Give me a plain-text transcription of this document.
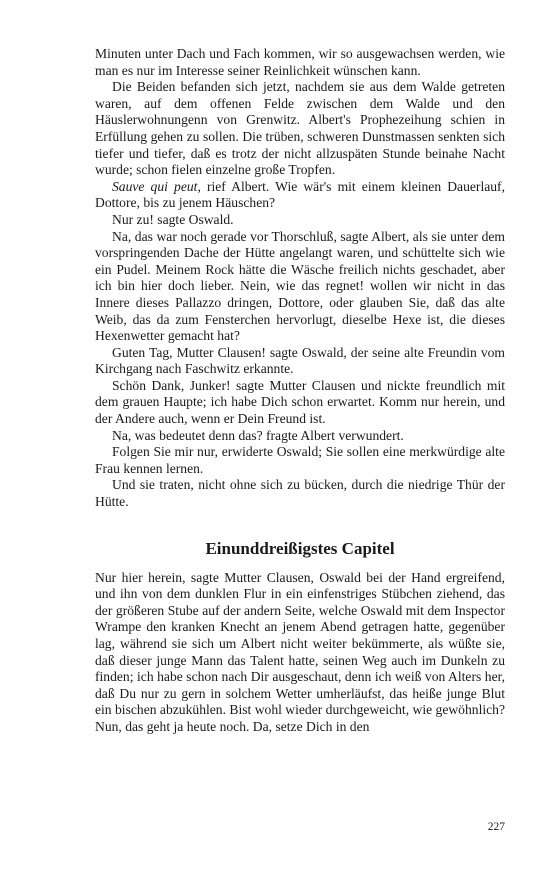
Minuten unter Dach und Fach kommen, wir so ausgewachsen werden, wie man es nur im Interesse seiner Reinlichkeit wünschen kann.

Die Beiden befanden sich jetzt, nachdem sie aus dem Walde getreten waren, auf dem offenen Felde zwischen dem Walde und den Häuslerwohnungenn von Grenwitz. Albert's Prophezeihung schien in Erfüllung gehen zu sollen. Die trüben, schweren Dunstmassen senkten sich tiefer und tiefer, daß es trotz der nicht allzuspäten Stunde beinahe Nacht wurde; schon fielen einzelne große Tropfen.

Sauve qui peut, rief Albert. Wie wär's mit einem kleinen Dauerlauf, Dottore, bis zu jenem Häuschen?

Nur zu! sagte Oswald.

Na, das war noch gerade vor Thorschluß, sagte Albert, als sie unter dem vorspringenden Dache der Hütte angelangt waren, und schüttelte sich wie ein Pudel. Meinem Rock hätte die Wäsche freilich nichts geschadet, aber ich bin hier doch lieber. Nein, wie das regnet! wollen wir nicht in das Innere dieses Pallazzo dringen, Dottore, oder glauben Sie, daß das alte Weib, das da zum Fensterchen hervorlugt, dieselbe Hexe ist, die dieses Hexenwetter gemacht hat?

Guten Tag, Mutter Clausen! sagte Oswald, der seine alte Freundin vom Kirchgang nach Faschwitz erkannte.

Schön Dank, Junker! sagte Mutter Clausen und nickte freundlich mit dem grauen Haupte; ich habe Dich schon erwartet. Komm nur herein, und der Andere auch, wenn er Dein Freund ist.

Na, was bedeutet denn das? fragte Albert verwundert.

Folgen Sie mir nur, erwiderte Oswald; Sie sollen eine merkwürdige alte Frau kennen lernen.

Und sie traten, nicht ohne sich zu bücken, durch die niedrige Thür der Hütte.

Einunddreißigstes Capitel

Nur hier herein, sagte Mutter Clausen, Oswald bei der Hand ergreifend, und ihn von dem dunklen Flur in ein einfenstriges Stübchen ziehend, das der größeren Stube auf der andern Seite, welche Oswald mit dem Inspector Wrampe den kranken Knecht an jenem Abend getragen hatte, gegenüber lag, während sie sich um Albert nicht weiter bekümmerte, als wüßte sie, daß dieser junge Mann das Talent hatte, seinen Weg auch im Dunkeln zu finden; ich habe schon nach Dir ausgeschaut, denn ich weiß von Alters her, daß Du nur zu gern in solchem Wetter umherläufst, das heiße junge Blut ein bischen abzukühlen. Bist wohl wieder durchgeweicht, wie gewöhnlich? Nun, das geht ja heute noch. Da, setze Dich in den

227
